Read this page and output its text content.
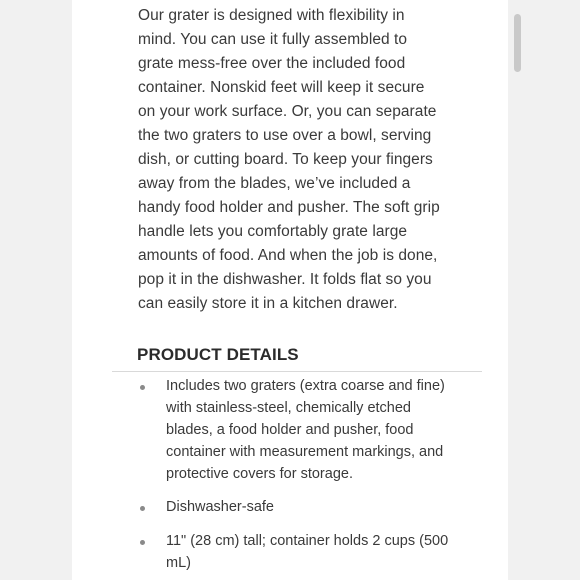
Our grater is designed with flexibility in
mind. You can use it fully assembled to
grate mess-free over the included food
container. Nonskid feet will keep it secure
on your work surface. Or, you can separate
the two graters to use over a bowl, serving
dish, or cutting board. To keep your fingers
away from the blades, we’ve included a
handy food holder and pusher. The soft grip
handle lets you comfortably grate large
amounts of food. And when the job is done,
pop it in the dishwasher. It folds flat so you
can easily store it in a kitchen drawer.

PRODUCT DETAILS
Includes two graters (extra coarse and fine)
with stainless-steel, chemically etched
blades, a food holder and pusher, food
container with measurement markings, and
protective covers for storage.
Dishwasher-safe
11" (28 cm) tall; container holds 2 cups (500
mL)
